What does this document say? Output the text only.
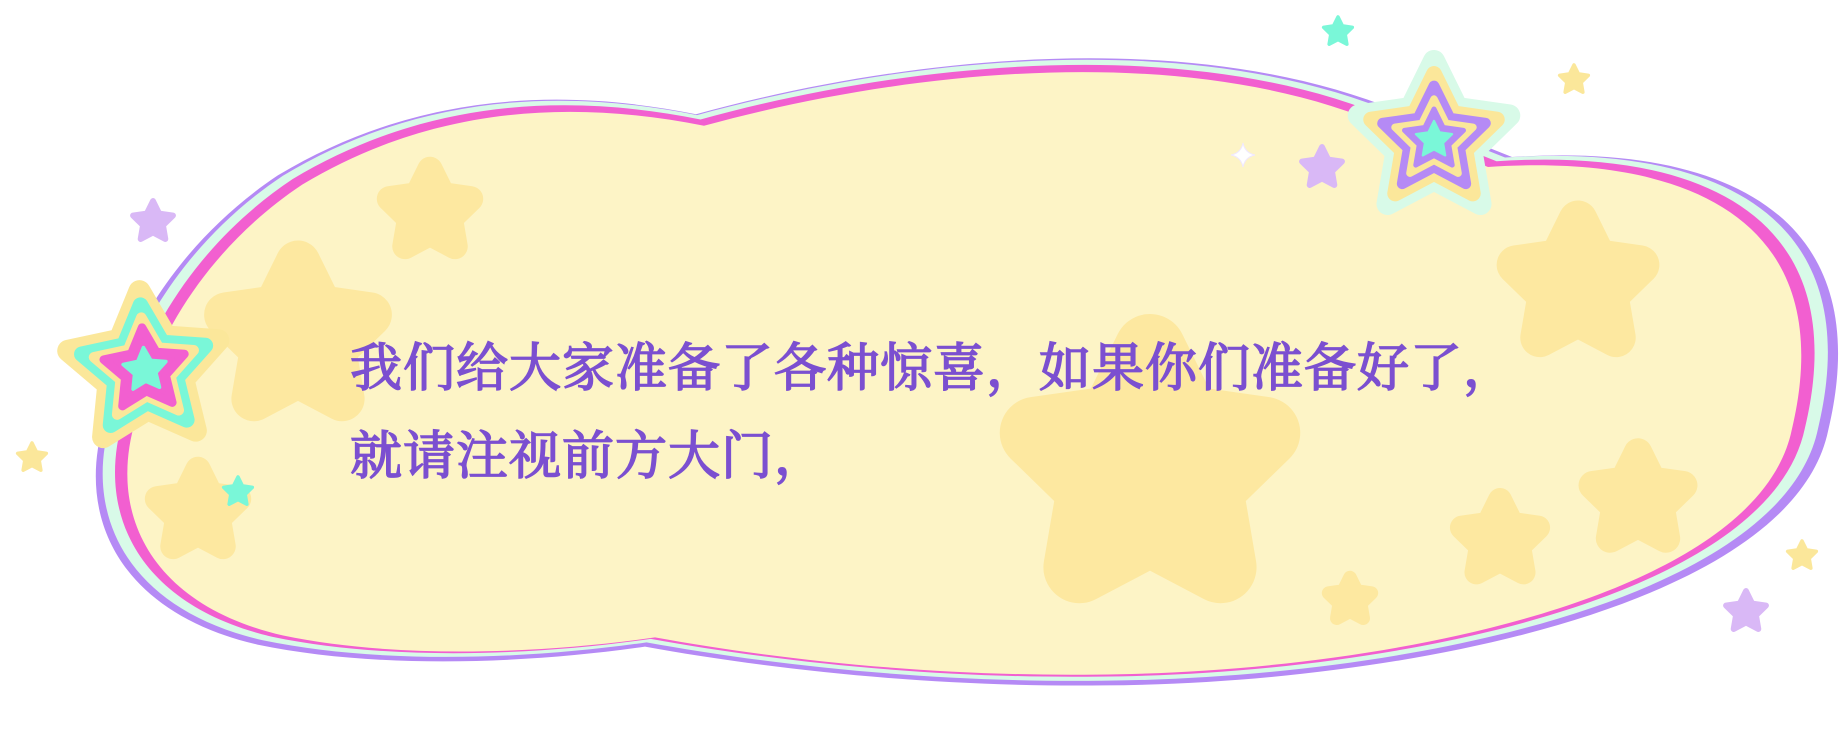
我们给大家准备了各种惊喜，如果你们准备好了，
就请注视前方大门，
